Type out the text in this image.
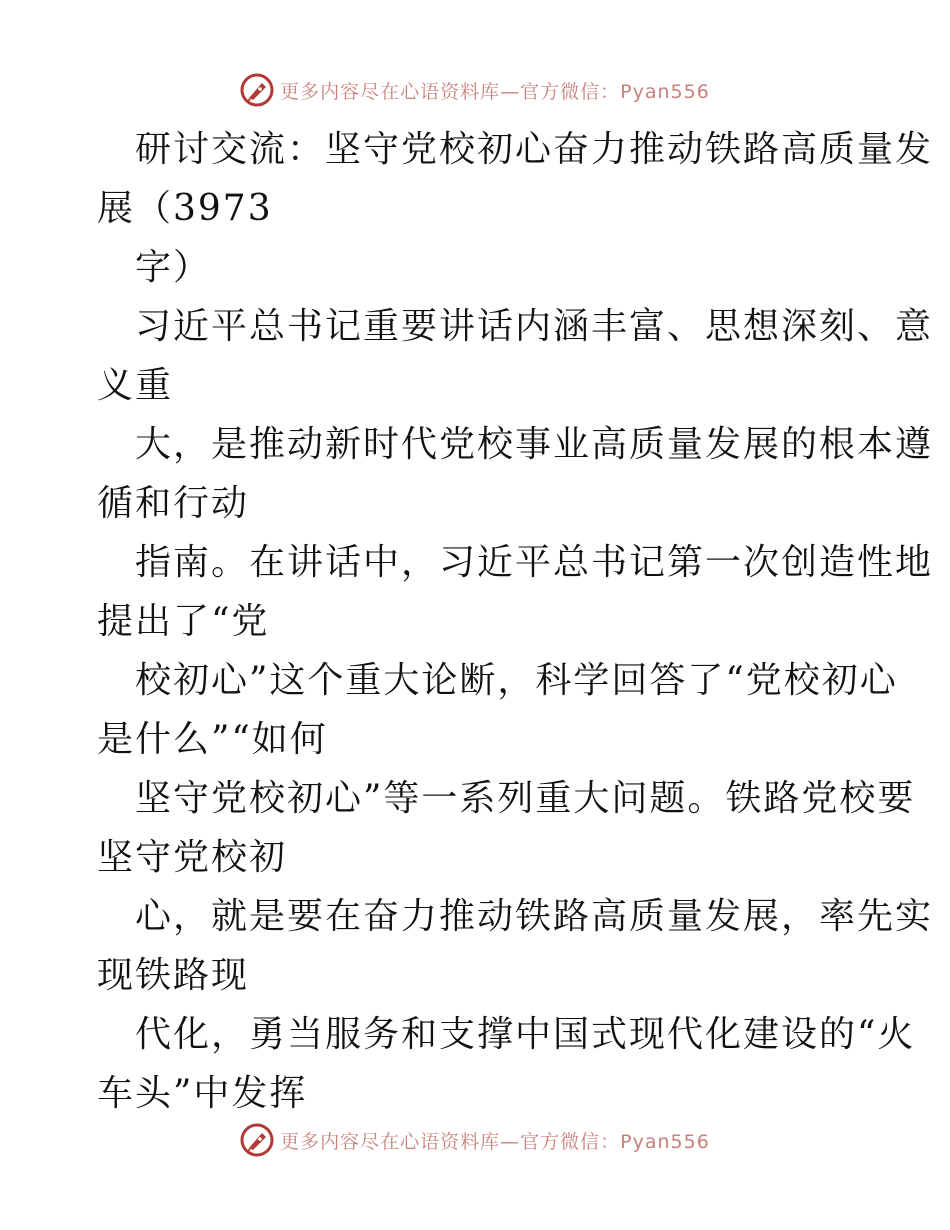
更多内容尽在心语资料库—官方微信：Pyan556
研讨交流：坚守党校初心奋力推动铁路高质量发
展（3973
字）
习近平总书记重要讲话内涵丰富、思想深刻、意
义重
大，是推动新时代党校事业高质量发展的根本遵
循和行动
指南。在讲话中，习近平总书记第一次创造性地
提出了“党
校初心”这个重大论断，科学回答了“党校初心
是什么”“如何
坚守党校初心”等一系列重大问题。铁路党校要
坚守党校初
心，就是要在奋力推动铁路高质量发展，率先实
现铁路现
代化，勇当服务和支撑中国式现代化建设的“火
车头”中发挥
更多内容尽在心语资料库—官方微信：Pyan556
